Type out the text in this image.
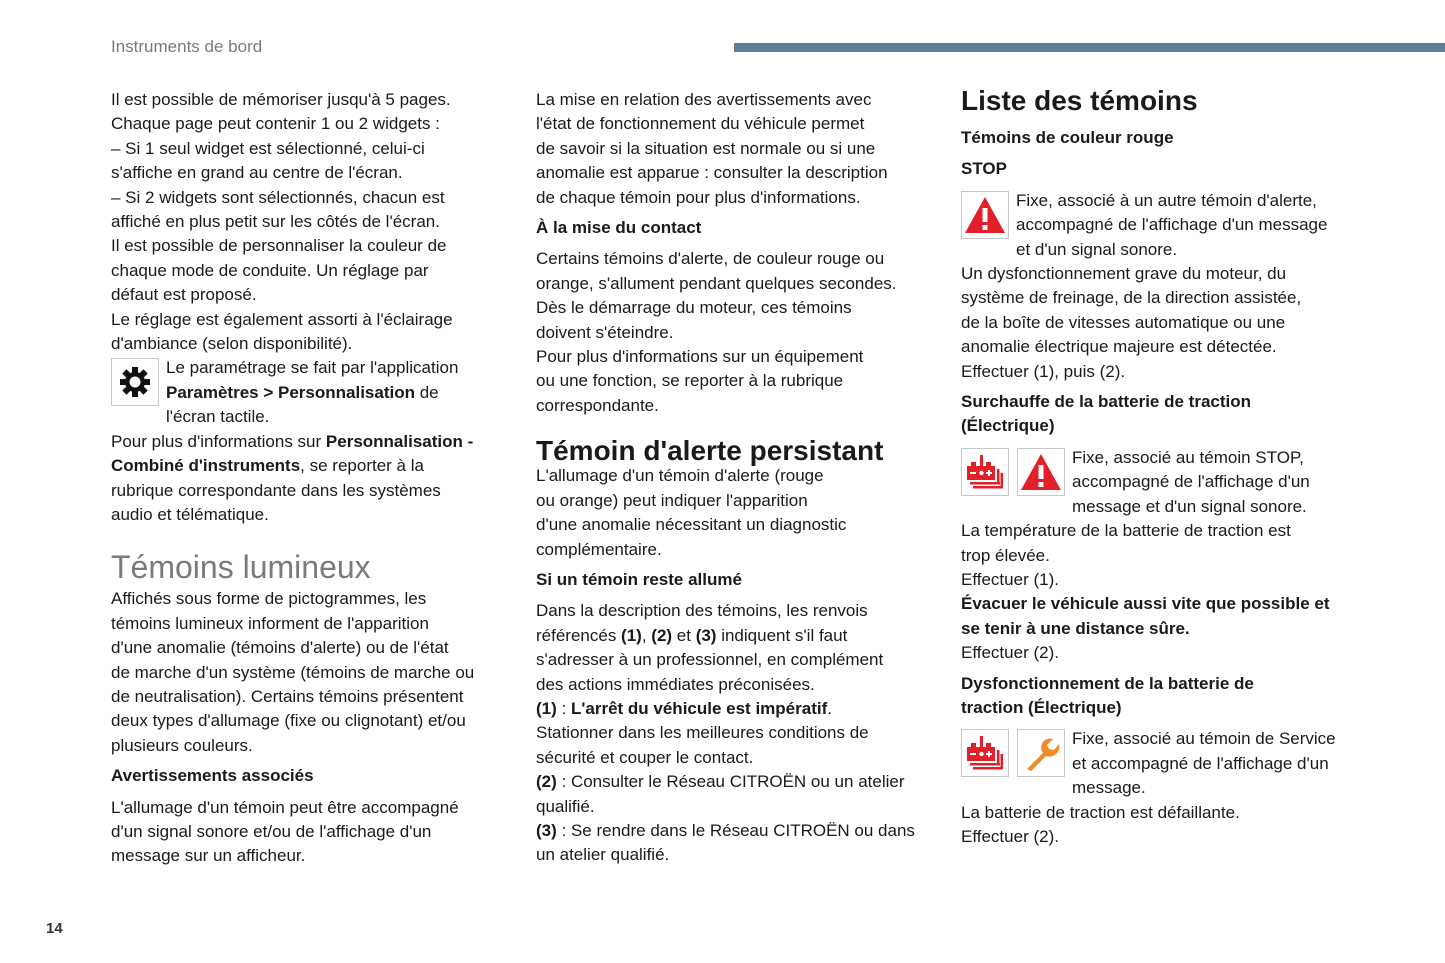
Instruments de bord
Il est possible de mémoriser jusqu'à 5 pages.
Chaque page peut contenir 1 ou 2 widgets :
– Si 1 seul widget est sélectionné, celui-ci
s'affiche en grand au centre de l'écran.
– Si 2 widgets sont sélectionnés, chacun est
affiché en plus petit sur les côtés de l'écran.
Il est possible de personnaliser la couleur de
chaque mode de conduite. Un réglage par
défaut est proposé.
Le réglage est également assorti à l'éclairage
d'ambiance (selon disponibilité).
Le paramétrage se fait par l'application
Paramètres > Personnalisation de
l'écran tactile.
Pour plus d'informations sur Personnalisation -
Combiné d'instruments, se reporter à la
rubrique correspondante dans les systèmes
audio et télématique.
Témoins lumineux
Affichés sous forme de pictogrammes, les
témoins lumineux informent de l'apparition
d'une anomalie (témoins d'alerte) ou de l'état
de marche d'un système (témoins de marche ou
de neutralisation). Certains témoins présentent
deux types d'allumage (fixe ou clignotant) et/ou
plusieurs couleurs.
Avertissements associés
L'allumage d'un témoin peut être accompagné
d'un signal sonore et/ou de l'affichage d'un
message sur un afficheur.
La mise en relation des avertissements avec
l'état de fonctionnement du véhicule permet
de savoir si la situation est normale ou si une
anomalie est apparue : consulter la description
de chaque témoin pour plus d'informations.
À la mise du contact
Certains témoins d'alerte, de couleur rouge ou
orange, s'allument pendant quelques secondes.
Dès le démarrage du moteur, ces témoins
doivent s'éteindre.
Pour plus d'informations sur un équipement
ou une fonction, se reporter à la rubrique
correspondante.
Témoin d'alerte persistant
L'allumage d'un témoin d'alerte (rouge
ou orange) peut indiquer l'apparition
d'une anomalie nécessitant un diagnostic
complémentaire.
Si un témoin reste allumé
Dans la description des témoins, les renvois
référencés (1), (2) et (3) indiquent s'il faut
s'adresser à un professionnel, en complément
des actions immédiates préconisées.
(1) : L'arrêt du véhicule est impératif.
Stationner dans les meilleures conditions de
sécurité et couper le contact.
(2) : Consulter le Réseau CITROËN ou un atelier
qualifié.
(3) : Se rendre dans le Réseau CITROËN ou dans
un atelier qualifié.
Liste des témoins
Témoins de couleur rouge
STOP
Fixe, associé à un autre témoin d'alerte,
accompagné de l'affichage d'un message
et d'un signal sonore.
Un dysfonctionnement grave du moteur, du
système de freinage, de la direction assistée,
de la boîte de vitesses automatique ou une
anomalie électrique majeure est détectée.
Effectuer (1), puis (2).
Surchauffe de la batterie de traction
(Électrique)
Fixe, associé au témoin STOP,
accompagné de l'affichage d'un
message et d'un signal sonore.
La température de la batterie de traction est
trop élevée.
Effectuer (1).
Évacuer le véhicule aussi vite que possible et
se tenir à une distance sûre.
Effectuer (2).
Dysfonctionnement de la batterie de
traction (Électrique)
Fixe, associé au témoin de Service
et accompagné de l'affichage d'un
message.
La batterie de traction est défaillante.
Effectuer (2).
14
